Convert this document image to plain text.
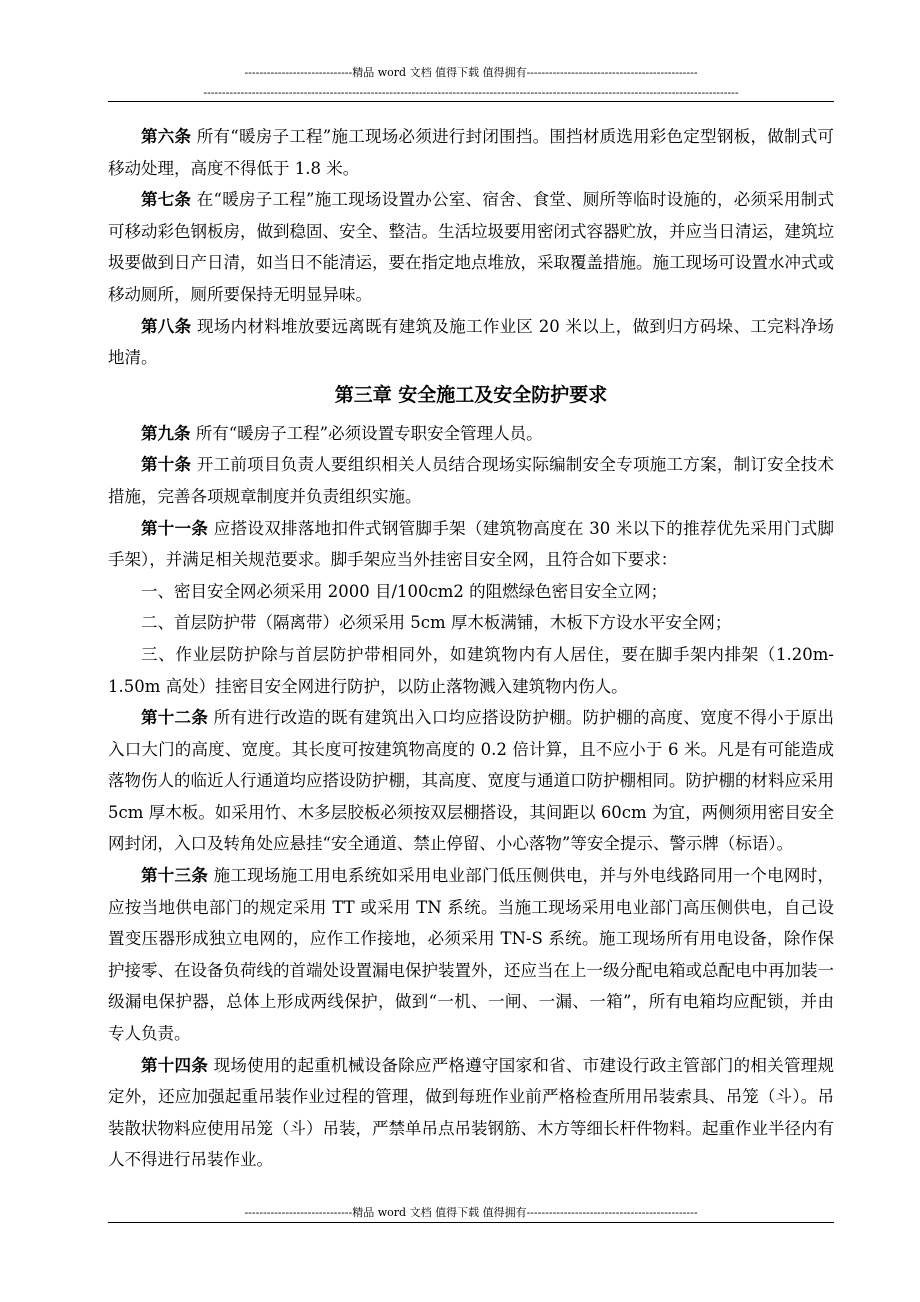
-----------------------------精品 word 文档 值得下载 值得拥有----------------------------------------------
------------------------------------------------------------------------------------------------------------------------------------------------

第六条 所有“暖房子工程”施工现场必须进行封闭围挡。围挡材质选用彩色定型钢板，做制式可移动处理，高度不得低于 1.8 米。

第七条 在“暖房子工程”施工现场设置办公室、宿舍、食堂、厕所等临时设施的，必须采用制式可移动彩色钢板房，做到稳固、安全、整洁。生活垃圾要用密闭式容器贮放，并应当日清运，建筑垃圾要做到日产日清，如当日不能清运，要在指定地点堆放，采取覆盖措施。施工现场可设置水冲式或移动厕所，厕所要保持无明显异味。

第八条 现场内材料堆放要远离既有建筑及施工作业区 20 米以上，做到归方码垛、工完料净场地清。

第三章 安全施工及安全防护要求

第九条 所有“暖房子工程”必须设置专职安全管理人员。

第十条 开工前项目负责人要组织相关人员结合现场实际编制安全专项施工方案，制订安全技术措施，完善各项规章制度并负责组织实施。

第十一条 应搭设双排落地扣件式钢管脚手架（建筑物高度在 30 米以下的推荐优先采用门式脚手架），并满足相关规范要求。脚手架应当外挂密目安全网，且符合如下要求：

一、密目安全网必须采用 2000 目/100cm2 的阻燃绿色密目安全立网；

二、首层防护带（隔离带）必须采用 5cm 厚木板满铺，木板下方设水平安全网；

三、作业层防护除与首层防护带相同外，如建筑物内有人居住，要在脚手架内排架（1.20m-1.50m 高处）挂密目安全网进行防护，以防止落物溅入建筑物内伤人。

第十二条 所有进行改造的既有建筑出入口均应搭设防护棚。防护棚的高度、宽度不得小于原出入口大门的高度、宽度。其长度可按建筑物高度的 0.2 倍计算，且不应小于 6 米。凡是有可能造成落物伤人的临近人行通道均应搭设防护棚，其高度、宽度与通道口防护棚相同。防护棚的材料应采用 5cm 厚木板。如采用竹、木多层胶板必须按双层棚搭设，其间距以 60cm 为宜，两侧须用密目安全网封闭，入口及转角处应悬挂“安全通道、禁止停留、小心落物”等安全提示、警示牌（标语）。

第十三条 施工现场施工用电系统如采用电业部门低压侧供电，并与外电线路同用一个电网时，应按当地供电部门的规定采用 TT 或采用 TN 系统。当施工现场采用电业部门高压侧供电，自己设置变压器形成独立电网的，应作工作接地，必须采用 TN-S 系统。施工现场所有用电设备，除作保护接零、在设备负荷线的首端处设置漏电保护装置外，还应当在上一级分配电箱或总配电中再加装一级漏电保护器，总体上形成两线保护，做到“一机、一闸、一漏、一箱”，所有电箱均应配锁，并由专人负责。

第十四条 现场使用的起重机械设备除应严格遵守国家和省、市建设行政主管部门的相关管理规定外，还应加强起重吊装作业过程的管理，做到每班作业前严格检查所用吊装索具、吊笼（斗）。吊装散状物料应使用吊笼（斗）吊装，严禁单吊点吊装钢筋、木方等细长杆件物料。起重作业半径内有人不得进行吊装作业。

-----------------------------精品 word 文档 值得下载 值得拥有----------------------------------------------
